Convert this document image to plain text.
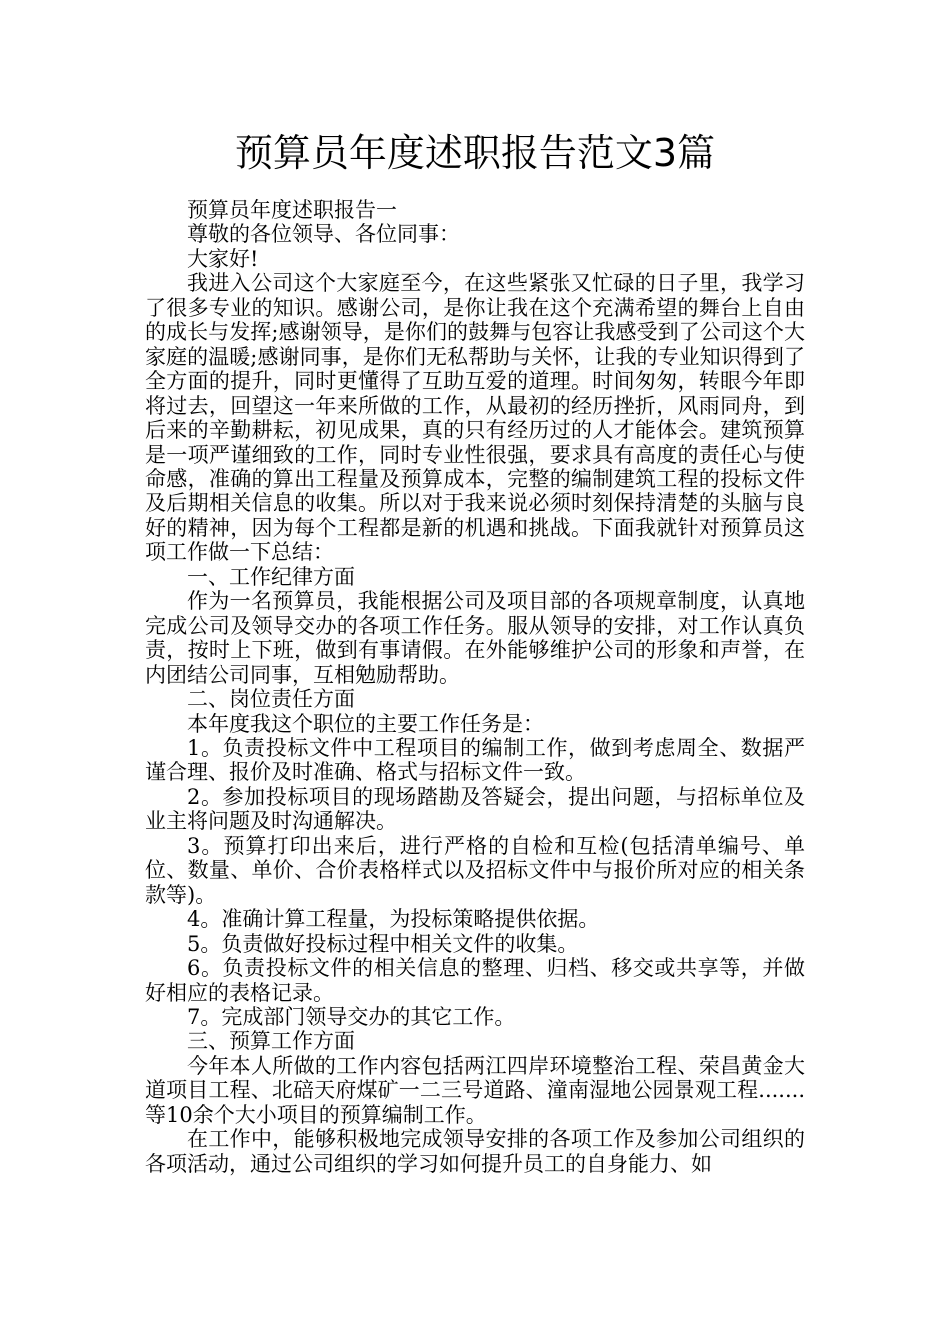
预算员年度述职报告范文3篇

预算员年度述职报告一

尊敬的各位领导、各位同事：

大家好!

我进入公司这个大家庭至今，在这些紧张又忙碌的日子里，我学习了很多专业的知识。感谢公司，是你让我在这个充满希望的舞台上自由的成长与发挥;感谢领导，是你们的鼓舞与包容让我感受到了公司这个大家庭的温暖;感谢同事，是你们无私帮助与关怀，让我的专业知识得到了全方面的提升，同时更懂得了互助互爱的道理。时间匆匆，转眼今年即将过去，回望这一年来所做的工作，从最初的经历挫折，风雨同舟，到后来的辛勤耕耘，初见成果，真的只有经历过的人才能体会。建筑预算是一项严谨细致的工作，同时专业性很强，要求具有高度的责任心与使命感，准确的算出工程量及预算成本，完整的编制建筑工程的投标文件及后期相关信息的收集。所以对于我来说必须时刻保持清楚的头脑与良好的精神，因为每个工程都是新的机遇和挑战。下面我就针对预算员这项工作做一下总结：

一、工作纪律方面

作为一名预算员，我能根据公司及项目部的各项规章制度，认真地完成公司及领导交办的各项工作任务。服从领导的安排，对工作认真负责，按时上下班，做到有事请假。在外能够维护公司的形象和声誉，在内团结公司同事，互相勉励帮助。

二、岗位责任方面

本年度我这个职位的主要工作任务是：

1。负责投标文件中工程项目的编制工作，做到考虑周全、数据严谨合理、报价及时准确、格式与招标文件一致。

2。参加投标项目的现场踏勘及答疑会，提出问题，与招标单位及业主将问题及时沟通解决。

3。预算打印出来后，进行严格的自检和互检(包括清单编号、单位、数量、单价、合价表格样式以及招标文件中与报价所对应的相关条款等)。

4。准确计算工程量，为投标策略提供依据。

5。负责做好投标过程中相关文件的收集。

6。负责投标文件的相关信息的整理、归档、移交或共享等，并做好相应的表格记录。

7。完成部门领导交办的其它工作。

三、预算工作方面

今年本人所做的工作内容包括两江四岸环境整治工程、荣昌黄金大道项目工程、北碚天府煤矿一二三号道路、潼南湿地公园景观工程.......等10余个大小项目的预算编制工作。

在工作中，能够积极地完成领导安排的各项工作及参加公司组织的各项活动，通过公司组织的学习如何提升员工的自身能力、如
